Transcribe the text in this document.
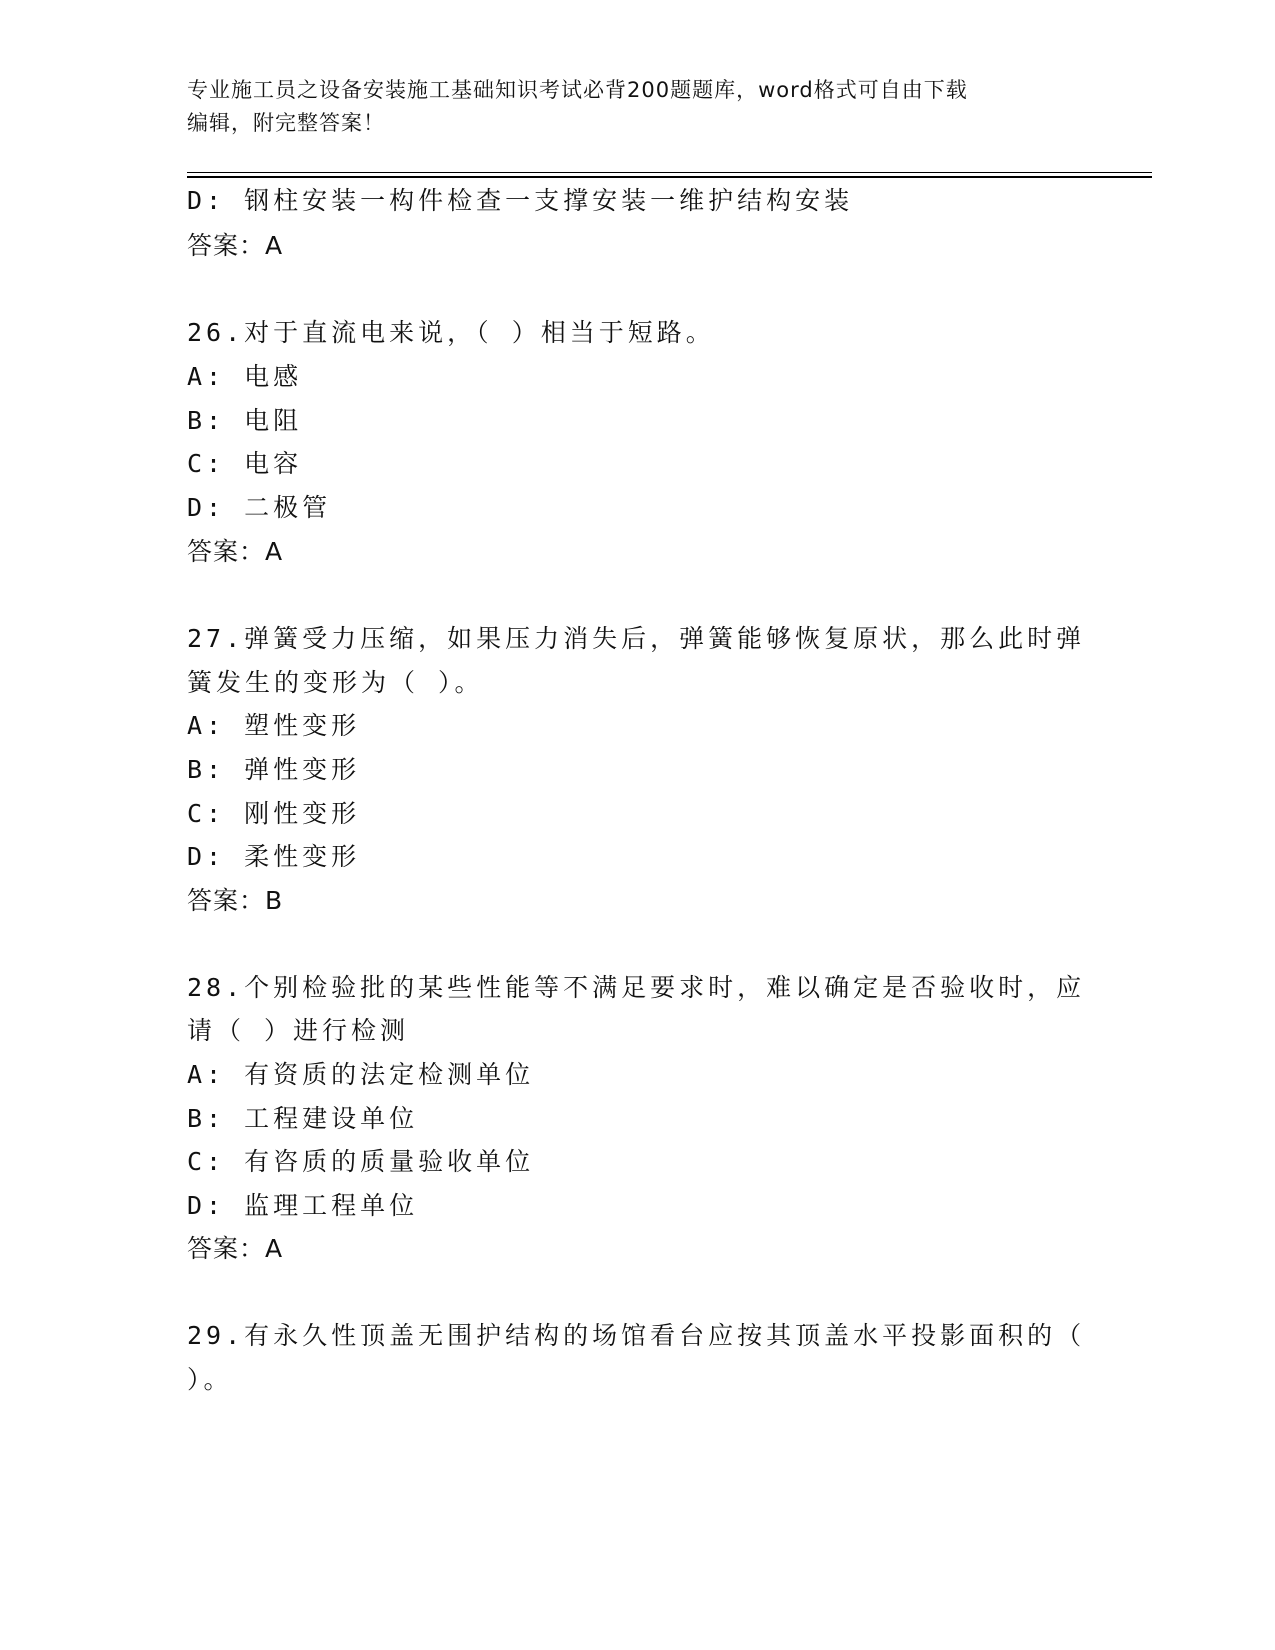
专业施工员之设备安装施工基础知识考试必背200题题库，word格式可自由下载
编辑，附完整答案！
D: 钢柱安装一构件检查一支撑安装一维护结构安装
答案：A
26.对于直流电来说，（ ）相当于短路。
A: 电感
B: 电阻
C: 电容
D: 二极管
答案：A
27.弹簧受力压缩，如果压力消失后，弹簧能够恢复原状，那么此时弹
簧发生的变形为（ ）。
A: 塑性变形
B: 弹性变形
C: 刚性变形
D: 柔性变形
答案：B
28.个别检验批的某些性能等不满足要求时，难以确定是否验收时，应
请（ ）进行检测
A: 有资质的法定检测单位
B: 工程建设单位
C: 有咨质的质量验收单位
D: 监理工程单位
答案：A
29.有永久性顶盖无围护结构的场馆看台应按其顶盖水平投影面积的（
）。
